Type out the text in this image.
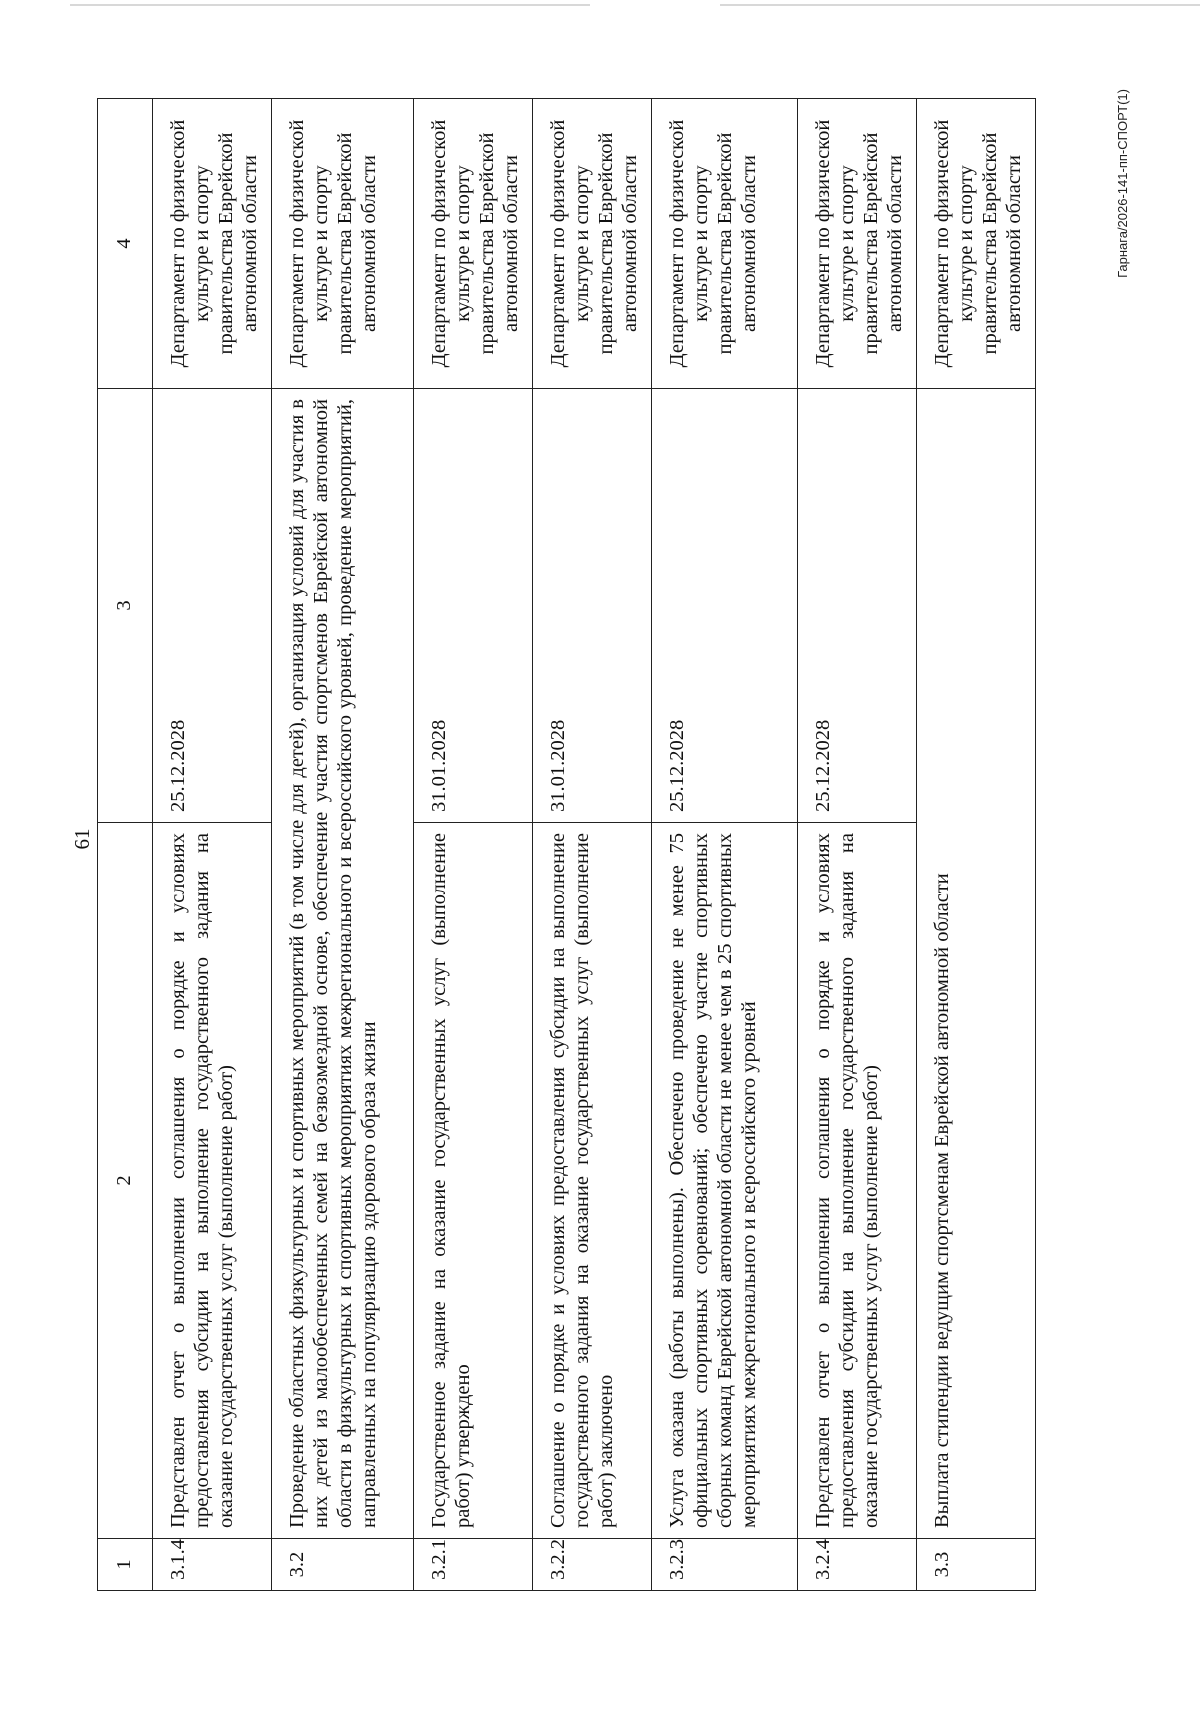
61
1	2	3	4
3.1.4	Представлен отчет о выполнении соглашения о порядке и условиях предоставления субсидии на выполнение государственного задания на оказание государственных услуг (выполнение работ)	25.12.2028	Департамент по физической культуре и спорту правительства Еврейской автономной области
3.2	Проведение областных физкультурных и спортивных мероприятий (в том числе для детей), организация условий для участия в них детей из малообеспеченных семей на безвозмездной основе, обеспечение участия спортсменов Еврейской автономной области в физкультурных и спортивных мероприятиях межрегионального и всероссийского уровней, проведение мероприятий, направленных на популяризацию здорового образа жизни		Департамент по физической культуре и спорту правительства Еврейской автономной области
3.2.1	Государственное задание на оказание государственных услуг (выполнение работ) утверждено	31.01.2028	Департамент по физической культуре и спорту правительства Еврейской автономной области
3.2.2	Соглашение о порядке и условиях предоставления субсидии на выполнение государственного задания на оказание государственных услуг (выполнение работ) заключено	31.01.2028	Департамент по физической культуре и спорту правительства Еврейской автономной области
3.2.3	Услуга оказана (работы выполнены). Обеспечено проведение не менее 75 официальных спортивных соревнований; обеспечено участие спортивных сборных команд Еврейской автономной области не менее чем в 25 спортивных мероприятиях межрегионального и всероссийского уровней	25.12.2028	Департамент по физической культуре и спорту правительства Еврейской автономной области
3.2.4	Представлен отчет о выполнении соглашения о порядке и условиях предоставления субсидии на выполнение государственного задания на оказание государственных услуг (выполнение работ)	25.12.2028	Департамент по физической культуре и спорту правительства Еврейской автономной области
3.3	Выплата стипендии ведущим спортсменам Еврейской автономной области		Департамент по физической культуре и спорту правительства Еврейской автономной области	Гарнага/2026-141-пп-СПОРТ(1)
